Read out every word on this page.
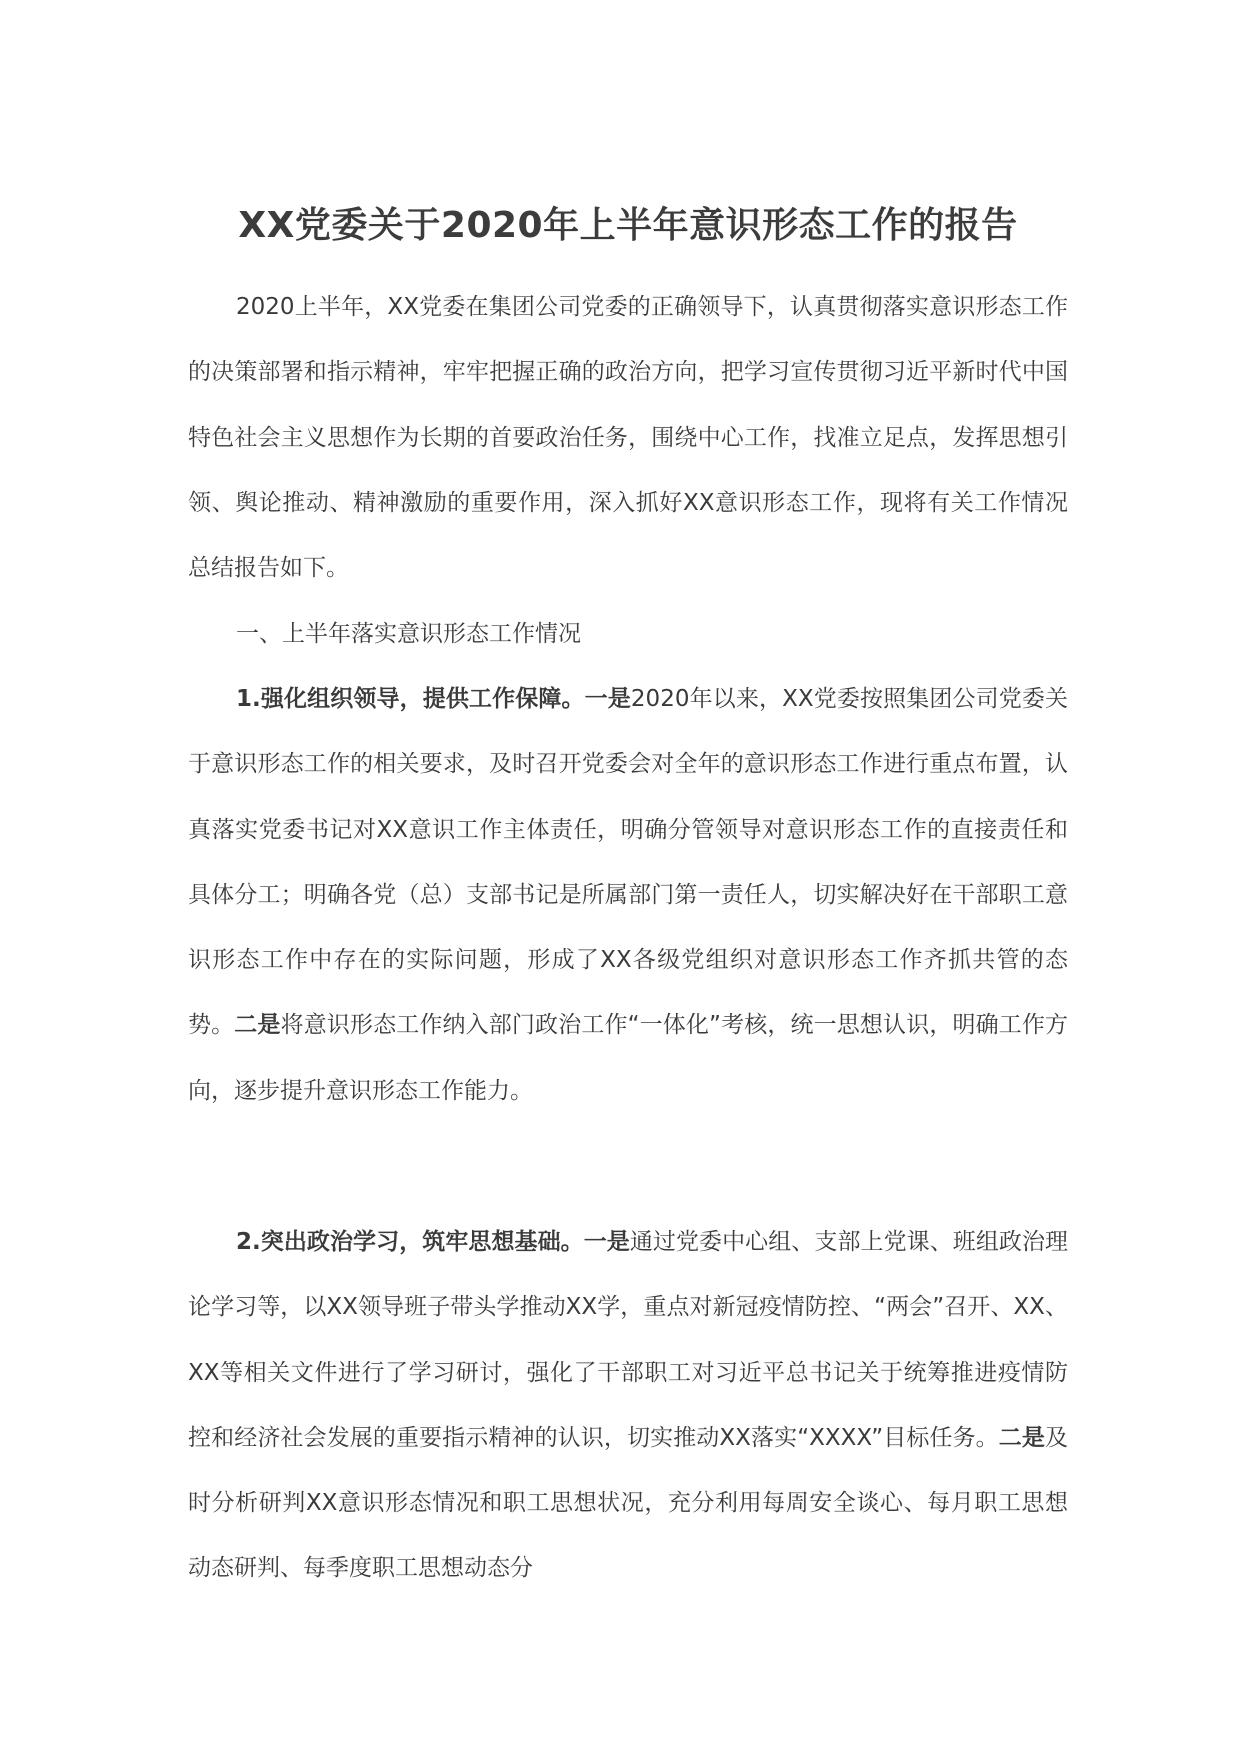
XX党委关于2020年上半年意识形态工作的报告

2020上半年，XX党委在集团公司党委的正确领导下，认真贯彻落实意识形态工作的决策部署和指示精神，牢牢把握正确的政治方向，把学习宣传贯彻习近平新时代中国特色社会主义思想作为长期的首要政治任务，围绕中心工作，找准立足点，发挥思想引领、舆论推动、精神激励的重要作用，深入抓好XX意识形态工作，现将有关工作情况总结报告如下。

一、上半年落实意识形态工作情况

1.强化组织领导，提供工作保障。一是2020年以来，XX党委按照集团公司党委关于意识形态工作的相关要求，及时召开党委会对全年的意识形态工作进行重点布置，认真落实党委书记对XX意识工作主体责任，明确分管领导对意识形态工作的直接责任和具体分工；明确各党（总）支部书记是所属部门第一责任人，切实解决好在干部职工意识形态工作中存在的实际问题，形成了XX各级党组织对意识形态工作齐抓共管的态势。二是将意识形态工作纳入部门政治工作“一体化”考核，统一思想认识，明确工作方向，逐步提升意识形态工作能力。

2.突出政治学习，筑牢思想基础。一是通过党委中心组、支部上党课、班组政治理论学习等，以XX领导班子带头学推动XX学，重点对新冠疫情防控、“两会”召开、XX、XX等相关文件进行了学习研讨，强化了干部职工对习近平总书记关于统筹推进疫情防控和经济社会发展的重要指示精神的认识，切实推动XX落实“XXXX”目标任务。二是及时分析研判XX意识形态情况和职工思想状况，充分利用每周安全谈心、每月职工思想动态研判、每季度职工思想动态分
